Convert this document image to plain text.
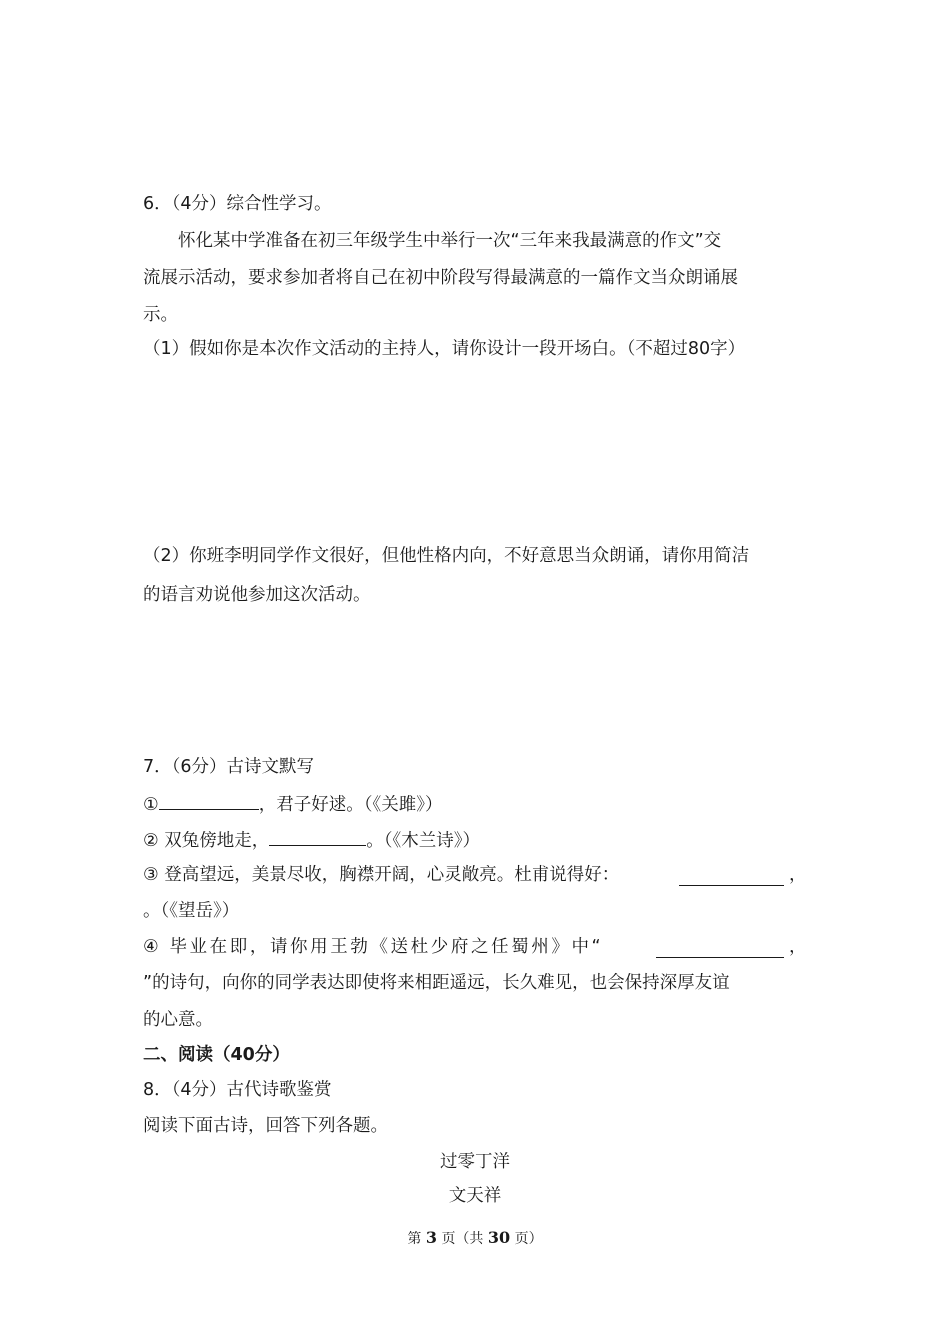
6．（4分）综合性学习。
怀化某中学准备在初三年级学生中举行一次“三年来我最满意的作文”交
流展示活动，要求参加者将自己在初中阶段写得最满意的一篇作文当众朗诵展
示。
（1）假如你是本次作文活动的主持人，请你设计一段开场白。（不超过80字）
（2）你班李明同学作文很好，但他性格内向，不好意思当众朗诵，请你用简洁
的语言劝说他参加这次活动。
7．（6分）古诗文默写
①	，君子好逑。（《关雎》）
② 双兔傍地走，	。（《木兰诗》）
③ 登高望远，美景尽收，胸襟开阔，心灵敞亮。杜甫说得好：	，
。（《望岳》）
④ 毕业在即，请你用王勃《送杜少府之任蜀州》中“	，
”的诗句，向你的同学表达即使将来相距遥远，长久难见，也会保持深厚友谊
的心意。
二、阅读（40分）
8．（4分）古代诗歌鉴赏
阅读下面古诗，回答下列各题。
过零丁洋
文天祥
第 3 页（共 30 页）
